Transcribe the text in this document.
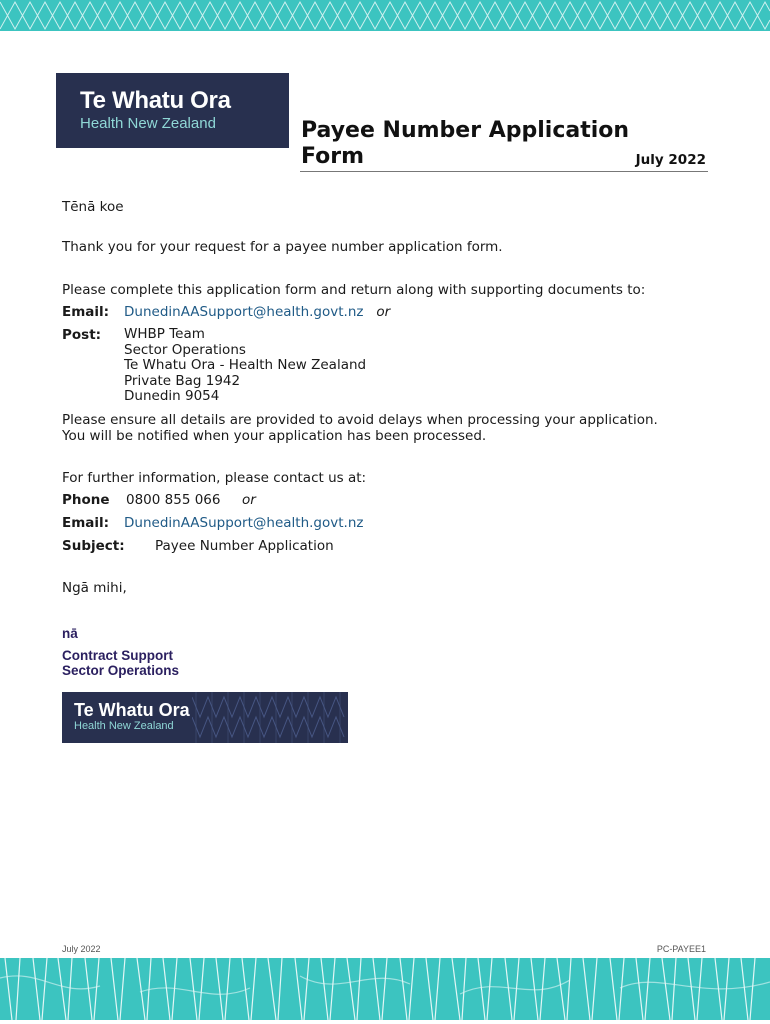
Te Whatu Ora
Health New Zealand	Payee Number Application Form	July 2022
Tēnā koe
Thank you for your request for a payee number application form.
Please complete this application form and return along with supporting documents to:
Email: DunedinAASupport@health.govt.nz or
Post: WHBP Team
Sector Operations
Te Whatu Ora - Health New Zealand
Private Bag 1942
Dunedin 9054
Please ensure all details are provided to avoid delays when processing your application.
You will be notified when your application has been processed.
For further information, please contact us at:
Phone 0800 855 066 or
Email: DunedinAASupport@health.govt.nz
Subject: Payee Number Application
Ngā mihi,
nā
Contract Support
Sector Operations
Te Whatu Ora
Health New Zealand
July 2022	PC-PAYEE1
